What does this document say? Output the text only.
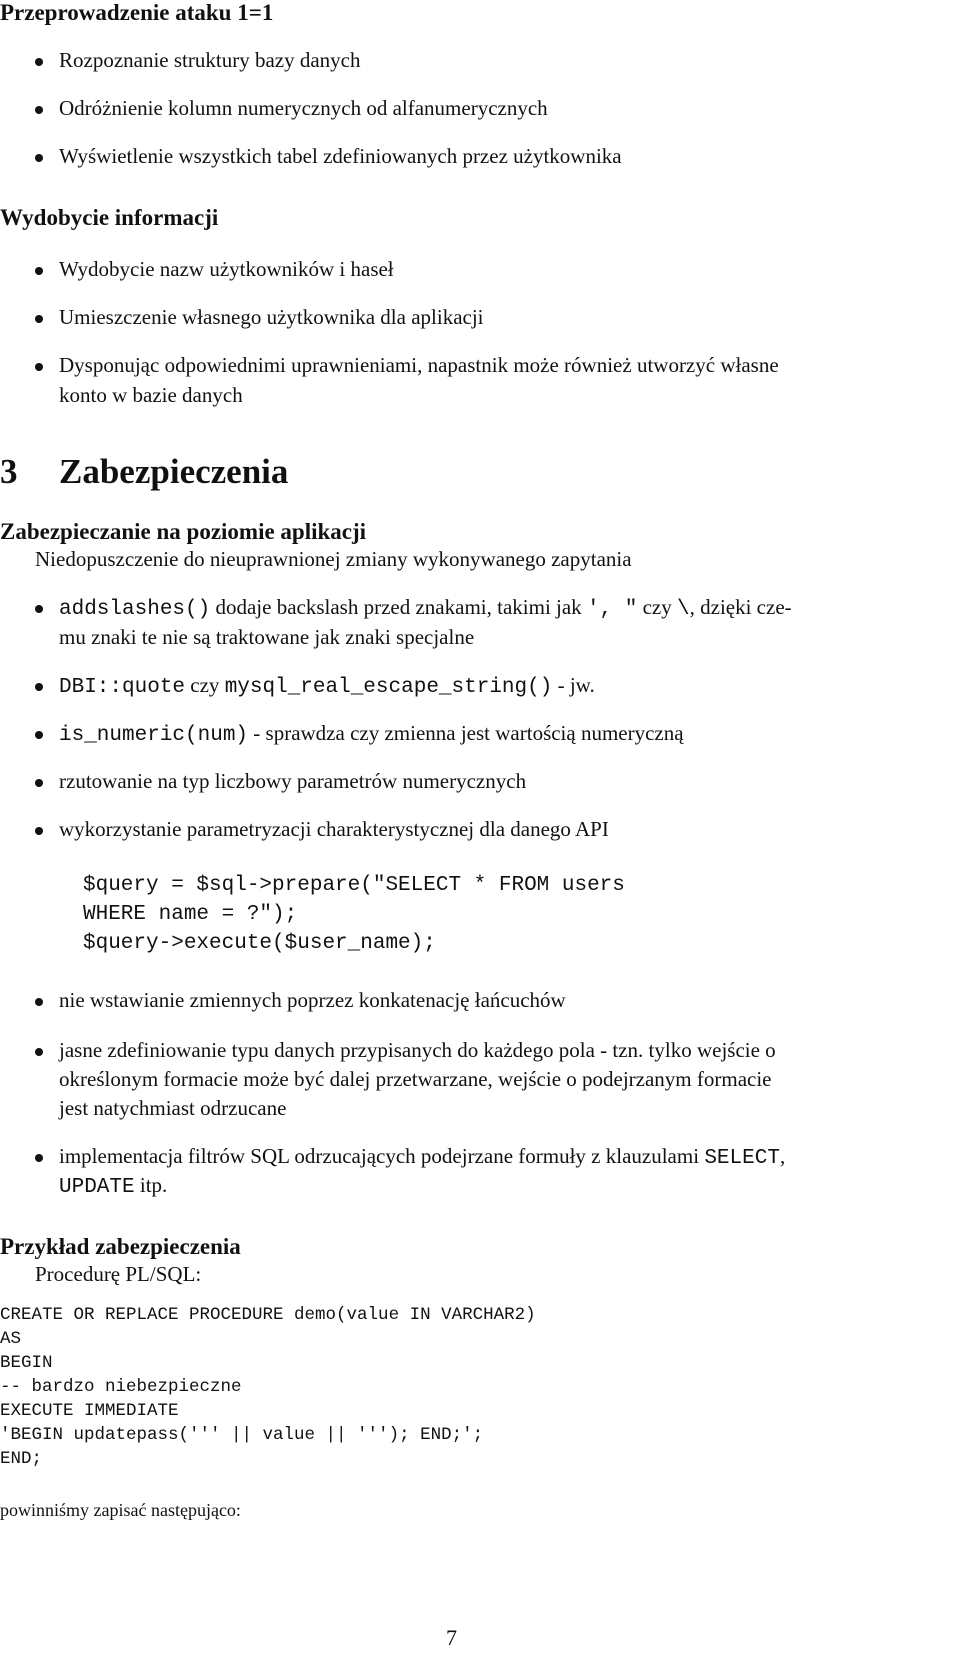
Przeprowadzenie ataku 1=1
Rozpoznanie struktury bazy danych
Odróżnienie kolumn numerycznych od alfanumerycznych
Wyświetlenie wszystkich tabel zdefiniowanych przez użytkownika
Wydobycie informacji
Wydobycie nazw użytkowników i haseł
Umieszczenie własnego użytkownika dla aplikacji
Dysponując odpowiednimi uprawnieniami, napastnik może również utworzyć własne
konto w bazie danych
3 Zabezpieczenia
Zabezpieczanie na poziomie aplikacji
Niedopuszczenie do nieuprawnionej zmiany wykonywanego zapytania
addslashes() dodaje backslash przed znakami, takimi jak ', " czy \, dzięki cze-
mu znaki te nie są traktowane jak znaki specjalne
DBI::quote czy mysql_real_escape_string() - jw.
is_numeric(num) - sprawdza czy zmienna jest wartością numeryczną
rzutowanie na typ liczbowy parametrów numerycznych
wykorzystanie parametryzacji charakterystycznej dla danego API
$query = $sql->prepare("SELECT * FROM users
WHERE name = ?");
$query->execute($user_name);
nie wstawianie zmiennych poprzez konkatenację łańcuchów
jasne zdefiniowanie typu danych przypisanych do każdego pola - tzn. tylko wejście o
określonym formacie może być dalej przetwarzane, wejście o podejrzanym formacie
jest natychmiast odrzucane
implementacja filtrów SQL odrzucających podejrzane formuły z klauzulami SELECT,
UPDATE itp.
Przykład zabezpieczenia
Procedurę PL/SQL:
CREATE OR REPLACE PROCEDURE demo(value IN VARCHAR2)
AS
BEGIN
-- bardzo niebezpieczne
EXECUTE IMMEDIATE
'BEGIN updatepass(''' || value || '''); END;';
END;
powinniśmy zapisać następująco:
7
